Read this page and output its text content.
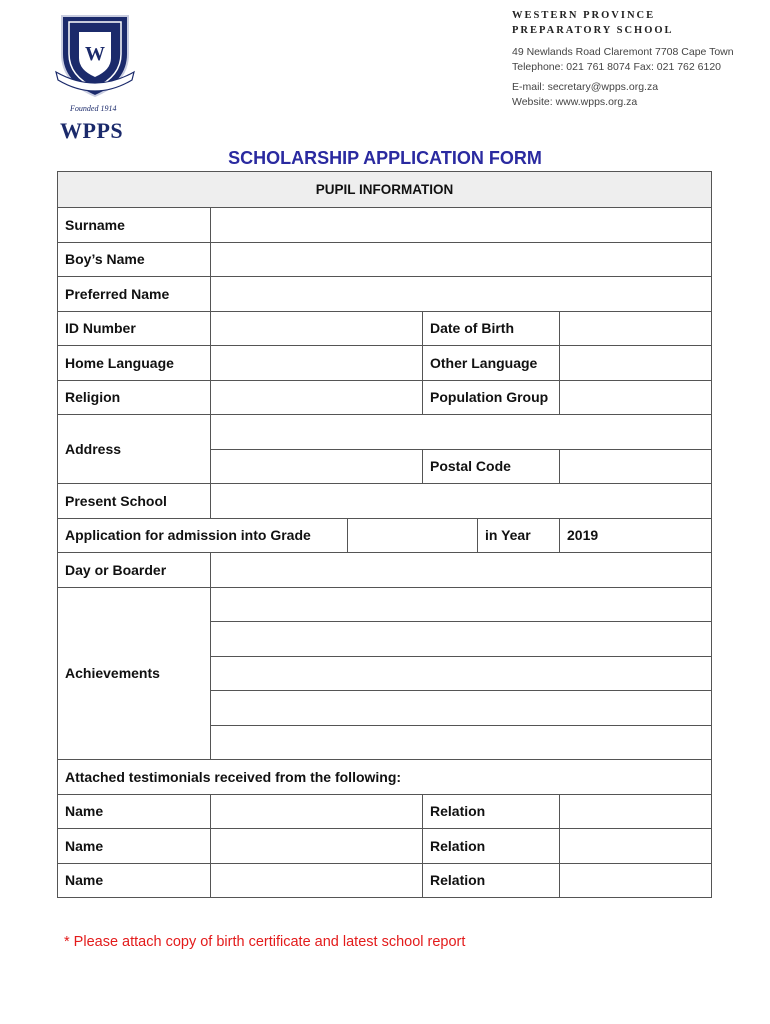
W
Founded 1914
WPPS
WESTERN PROVINCE
PREPARATORY SCHOOL
49 Newlands Road Claremont 7708 Cape Town
Telephone: 021 761 8074 Fax: 021 762 6120
E-mail: secretary@wpps.org.za
Website: www.wpps.org.za
SCHOLARSHIP APPLICATION FORM
PUPIL INFORMATION					
Surname					
Boy’s Name					
Preferred Name					
ID Number			Date of Birth		
Home Language			Other Language		
Religion			Population Group		
Address					
			Postal Code		
Present School					
Application for admission into Grade				in Year	2019
Day or Boarder					
Achievements					

Attached testimonials received from the following:					
Name			Relation		
Name			Relation		
Name			Relation		
* Please attach copy of birth certificate and latest school report
